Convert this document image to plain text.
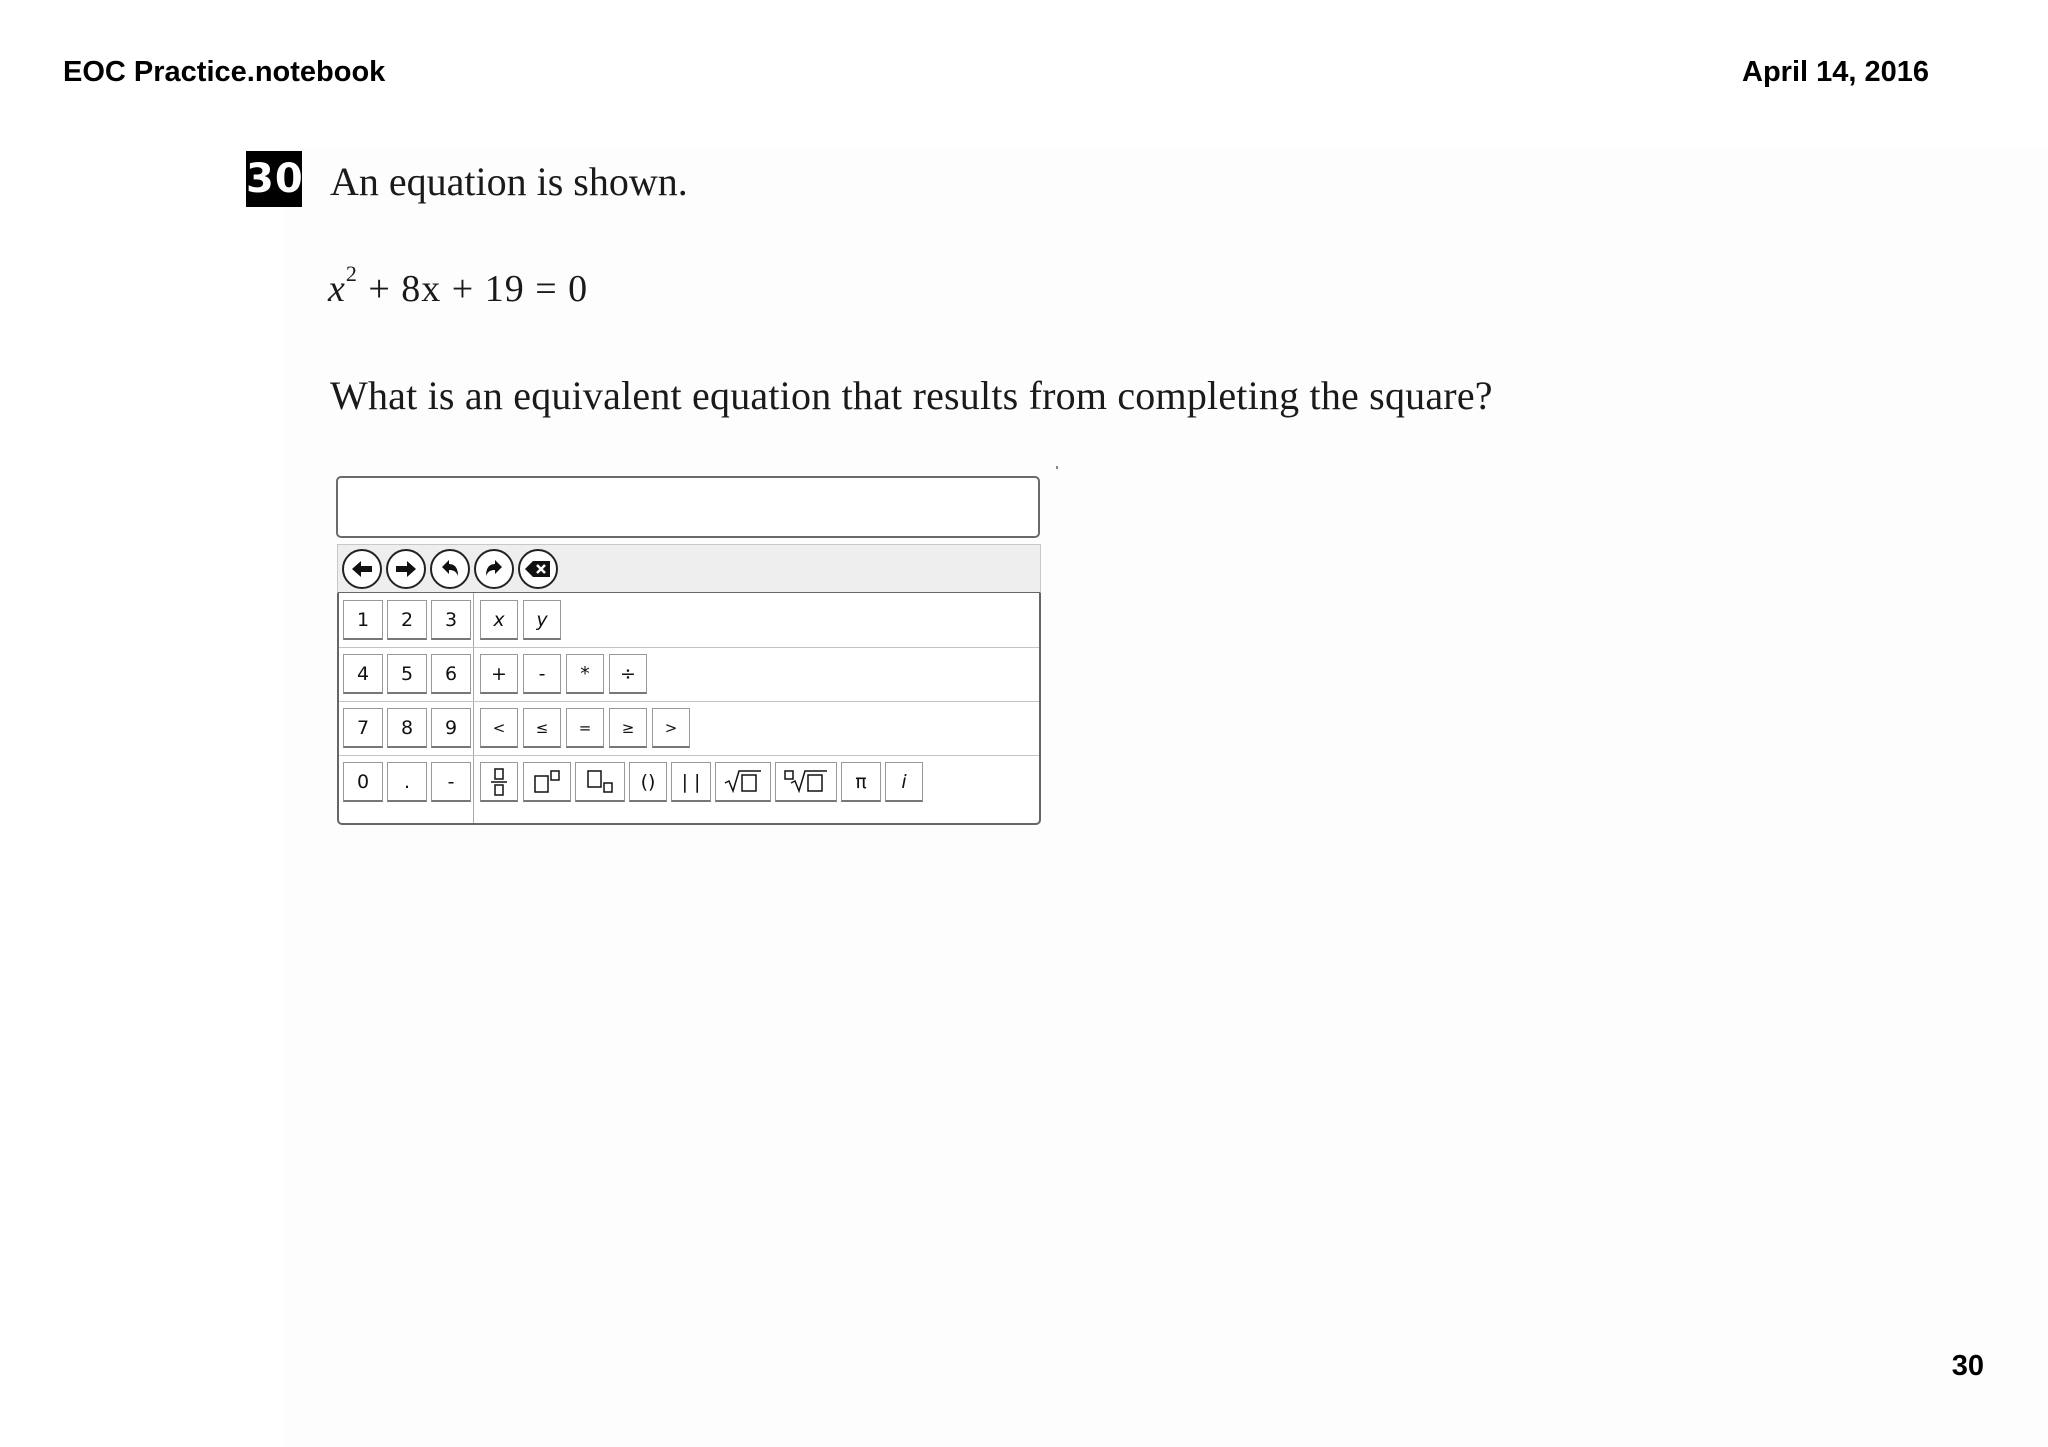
EOC Practice.notebook	April 14, 2016
30 An equation is shown.
$x^2 + 8x + 19 = 0$
What is an equivalent equation that results from completing the square?
1	2	3	x	y
4	5	6	+	-	*	÷
7	8	9	<	≤	=	≥	>
0	.	-	()	| |	π	i
30
